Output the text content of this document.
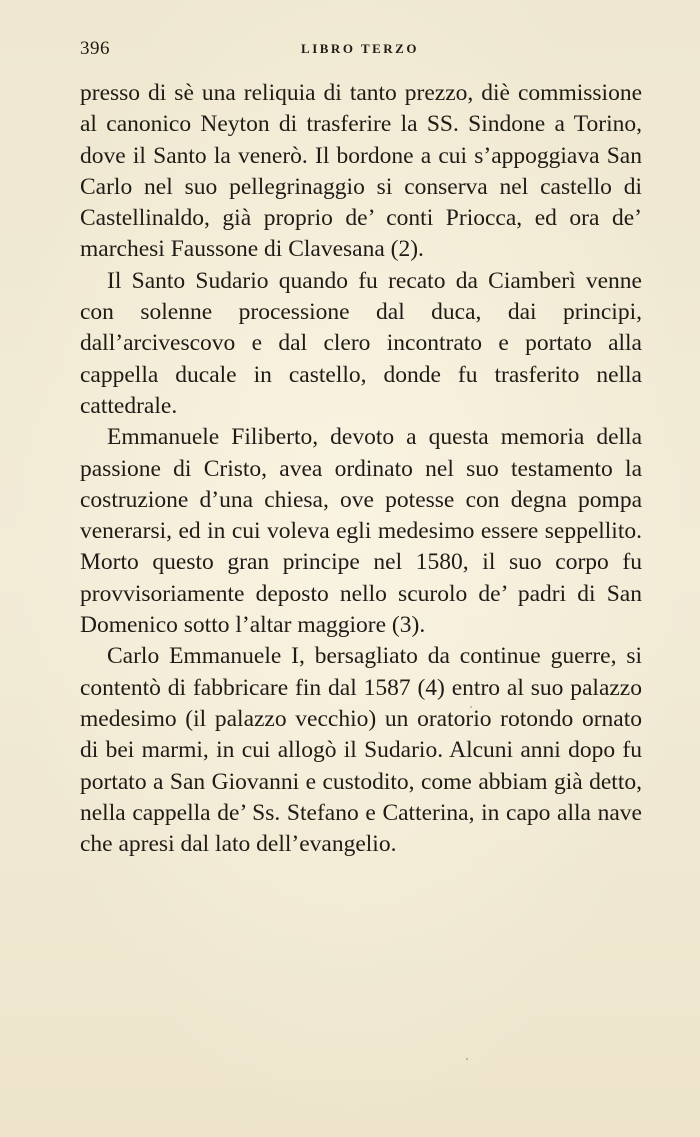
396	LIBRO TERZO

presso di sè una reliquia di tanto prezzo, diè commissione al canonico Neyton di trasferire la SS. Sindone a Torino, dove il Santo la venerò. Il bordone a cui s’appoggiava San Carlo nel suo pellegrinaggio si conserva nel castello di Castellinaldo, già proprio de’ conti Priocca, ed ora de’ marchesi Faussone di Clavesana (2).

Il Santo Sudario quando fu recato da Ciamberì venne con solenne processione dal duca, dai principi, dall’arcivescovo e dal clero incontrato e portato alla cappella ducale in castello, donde fu trasferito nella cattedrale.

Emmanuele Filiberto, devoto a questa memoria della passione di Cristo, avea ordinato nel suo testamento la costruzione d’una chiesa, ove potesse con degna pompa venerarsi, ed in cui voleva egli medesimo essere seppellito. Morto questo gran principe nel 1580, il suo corpo fu provvisoriamente deposto nello scurolo de’ padri di San Domenico sotto l’altar maggiore (3).

Carlo Emmanuele I, bersagliato da continue guerre, si contentò di fabbricare fin dal 1587 (4) entro al suo palazzo medesimo (il palazzo vecchio) un oratorio rotondo ornato di bei marmi, in cui allogò il Sudario. Alcuni anni dopo fu portato a San Giovanni e custodito, come abbiam già detto, nella cappella de’ Ss. Stefano e Catterina, in capo alla nave che apresi dal lato dell’evangelio.
